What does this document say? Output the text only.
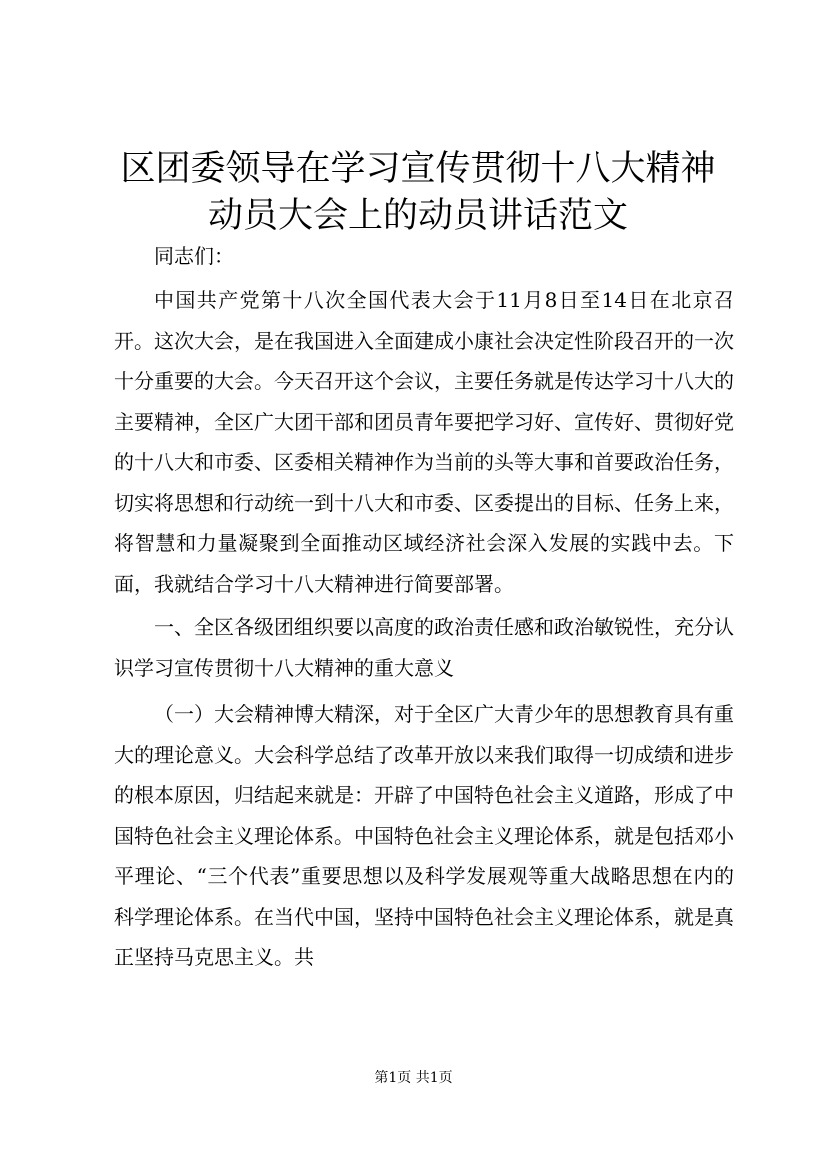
区团委领导在学习宣传贯彻十八大精神动员大会上的动员讲话范文

同志们：

中国共产党第十八次全国代表大会于11月8日至14日在北京召开。这次大会，是在我国进入全面建成小康社会决定性阶段召开的一次十分重要的大会。今天召开这个会议，主要任务就是传达学习十八大的主要精神，全区广大团干部和团员青年要把学习好、宣传好、贯彻好党的十八大和市委、区委相关精神作为当前的头等大事和首要政治任务，切实将思想和行动统一到十八大和市委、区委提出的目标、任务上来，将智慧和力量凝聚到全面推动区域经济社会深入发展的实践中去。下面，我就结合学习十八大精神进行简要部署。

一、全区各级团组织要以高度的政治责任感和政治敏锐性，充分认识学习宣传贯彻十八大精神的重大意义

（一）大会精神博大精深，对于全区广大青少年的思想教育具有重大的理论意义。大会科学总结了改革开放以来我们取得一切成绩和进步的根本原因，归结起来就是：开辟了中国特色社会主义道路，形成了中国特色社会主义理论体系。中国特色社会主义理论体系，就是包括邓小平理论、“三个代表”重要思想以及科学发展观等重大战略思想在内的科学理论体系。在当代中国，坚持中国特色社会主义理论体系，就是真正坚持马克思主义。共

第1页 共1页
